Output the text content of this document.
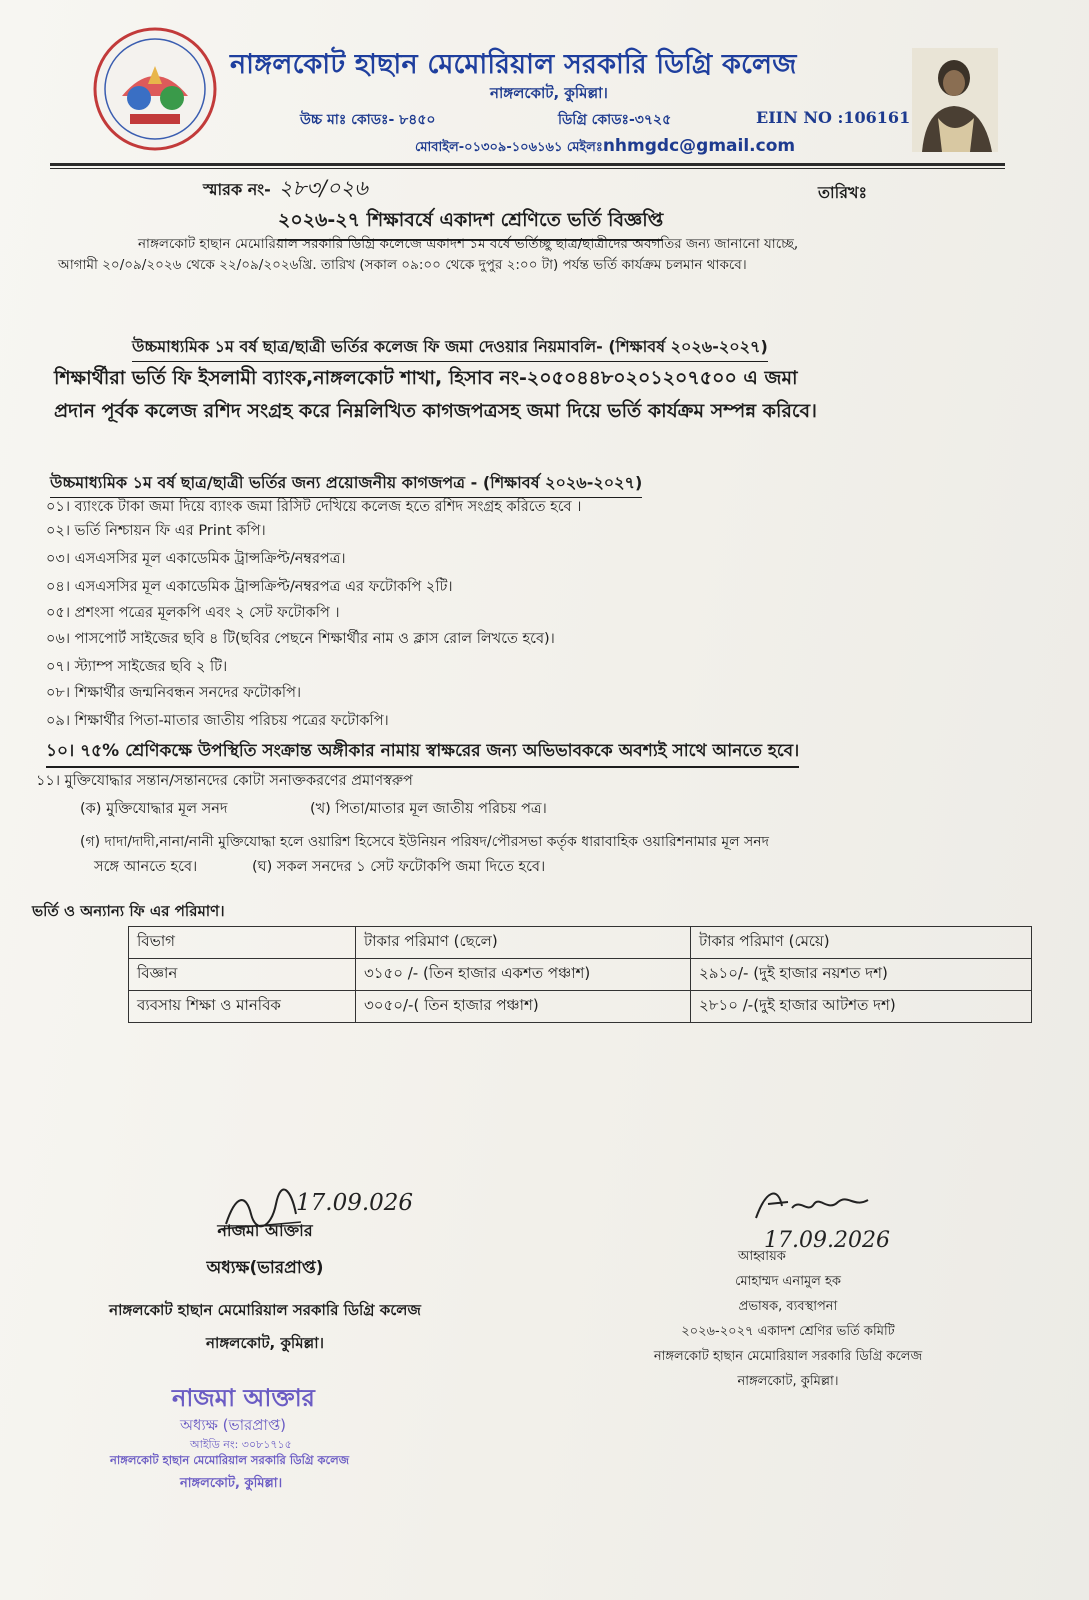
নাঙ্গলকোট হাছান মেমোরিয়াল সরকারি ডিগ্রি কলেজ
নাঙ্গলকোট, কুমিল্লা।
উচ্চ মাঃ কোডঃ- ৮৪৫০	ডিগ্রি কোডঃ-৩৭২৫	EIIN NO :106161
মোবাইল-০১৩০৯-১০৬১৬১ মেইলঃnhmgdc@gmail.com
স্মারক নং- ২৮৩/০২৬	তারিখঃ
২০২৬-২৭ শিক্ষাবর্ষে একাদশ শ্রেণিতে ভর্তি বিজ্ঞপ্তি
নাঙ্গলকোট হাছান মেমোরিয়াল সরকারি ডিগ্রি কলেজে একাদশ ১ম বর্ষে ভর্তিচ্ছু ছাত্র/ছাত্রীদের অবগতির জন্য জানানো যাচ্ছে,
আগামী ২০/০৯/২০২৬ থেকে ২২/০৯/২০২৬খ্রি. তারিখ (সকাল ০৯:০০ থেকে দুপুর ২:০০ টা) পর্যন্ত ভর্তি কার্যক্রম চলমান থাকবে।
উচ্চমাধ্যমিক ১ম বর্ষ ছাত্র/ছাত্রী ভর্তির কলেজ ফি জমা দেওয়ার নিয়মাবলি- (শিক্ষাবর্ষ ২০২৬-২০২৭)
শিক্ষার্থীরা ভর্তি ফি ইসলামী ব্যাংক,নাঙ্গলকোট শাখা, হিসাব নং-২০৫০৪৪৮০২০১২০৭৫০০ এ জমা
প্রদান পূর্বক কলেজ রশিদ সংগ্রহ করে নিম্নলিখিত কাগজপত্রসহ জমা দিয়ে ভর্তি কার্যক্রম সম্পন্ন করিবে।
উচ্চমাধ্যমিক ১ম বর্ষ ছাত্র/ছাত্রী ভর্তির জন্য প্রয়োজনীয় কাগজপত্র - (শিক্ষাবর্ষ ২০২৬-২০২৭)
০১। ব্যাংকে টাকা জমা দিয়ে ব্যাংক জমা রিসিট দেখিয়ে কলেজ হতে রশিদ সংগ্রহ করিতে হবে ।
০২। ভর্তি নিশ্চায়ন ফি এর Print কপি।
০৩। এসএসসির মূল একাডেমিক ট্রান্সক্রিপ্ট/নম্বরপত্র।
০৪। এসএসসির মূল একাডেমিক ট্রান্সক্রিপ্ট/নম্বরপত্র এর ফটোকপি ২টি।
০৫। প্রশংসা পত্রের মূলকপি এবং ২ সেট ফটোকপি ।
০৬। পাসপোর্ট সাইজের ছবি ৪ টি(ছবির পেছনে শিক্ষার্থীর নাম ও ক্লাস রোল লিখতে হবে)।
০৭। স্ট্যাম্প সাইজের ছবি ২ টি।
০৮। শিক্ষার্থীর জন্মনিবন্ধন সনদের ফটোকপি।
০৯। শিক্ষার্থীর পিতা-মাতার জাতীয় পরিচয় পত্রের ফটোকপি।
১০। ৭৫% শ্রেণিকক্ষে উপস্থিতি সংক্রান্ত অঙ্গীকার নামায় স্বাক্ষরের জন্য অভিভাবককে অবশ্যই সাথে আনতে হবে।
১১। মুক্তিযোদ্ধার সন্তান/সন্তানদের কোটা সনাক্তকরণের প্রমাণস্বরুপ
(ক) মুক্তিযোদ্ধার মূল সনদ	(খ) পিতা/মাতার মূল জাতীয় পরিচয় পত্র।
(গ) দাদা/দাদী,নানা/নানী মুক্তিযোদ্ধা হলে ওয়ারিশ হিসেবে ইউনিয়ন পরিষদ/পৌরসভা কর্তৃক ধারাবাহিক ওয়ারিশনামার মূল সনদ
সঙ্গে আনতে হবে।	(ঘ) সকল সনদের ১ সেট ফটোকপি জমা দিতে হবে।
ভর্তি ও অন্যান্য ফি এর পরিমাণ।
বিভাগ	টাকার পরিমাণ (ছেলে)	টাকার পরিমাণ (মেয়ে)
বিজ্ঞান	৩১৫০ /- (তিন হাজার একশত পঞ্চাশ)	২৯১০/- (দুই হাজার নয়শত দশ)
ব্যবসায় শিক্ষা ও মানবিক	৩০৫০/-( তিন হাজার পঞ্চাশ)	২৮১০ /-(দুই হাজার আটশত দশ)
17.09.026
নাজমা আক্তার
অধ্যক্ষ(ভারপ্রাপ্ত)
নাঙ্গলকোট হাছান মেমোরিয়াল সরকারি ডিগ্রি কলেজ
নাঙ্গলকোট, কুমিল্লা।
17.09.2026
আহ্বায়ক
মোহাম্মদ এনামুল হক
প্রভাষক, ব্যবস্থাপনা
২০২৬-২০২৭ একাদশ শ্রেণির ভর্তি কমিটি
নাঙ্গলকোট হাছান মেমোরিয়াল সরকারি ডিগ্রি কলেজ
নাঙ্গলকোট, কুমিল্লা।
নাজমা আক্তার
অধ্যক্ষ (ভারপ্রাপ্ত)
আইডি নং: ৩০৮১৭১৫
নাঙ্গলকোট হাছান মেমোরিয়াল সরকারি ডিগ্রি কলেজ
নাঙ্গলকোট, কুমিল্লা।
